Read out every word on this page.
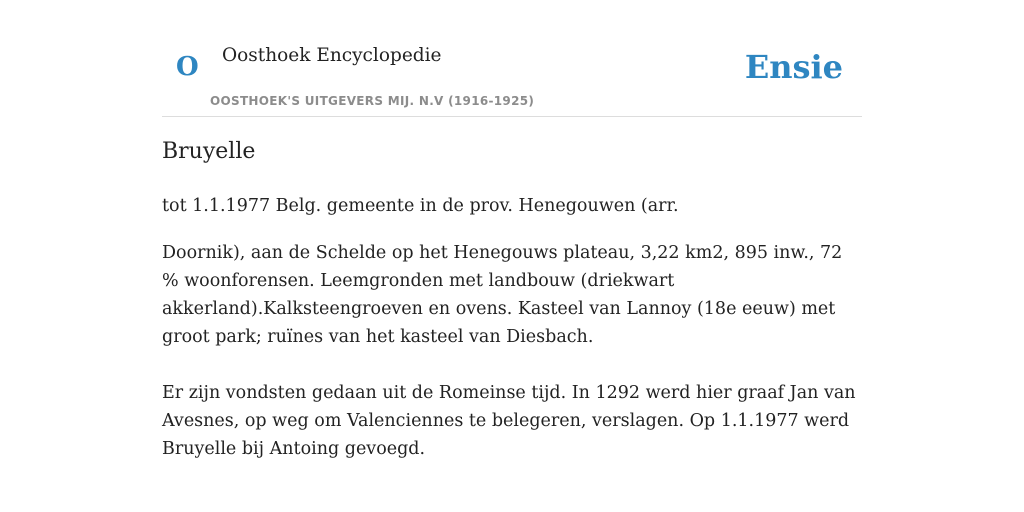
O Oosthoek Encyclopedie
OOSTHOEK'S UITGEVERS MIJ. N.V (1916-1925)
Ensie
Bruyelle

tot 1.1.1977 Belg. gemeente in de prov. Henegouwen (arr.

Doornik), aan de Schelde op het Henegouws plateau, 3,22 km2, 895 inw., 72 % woonforensen. Leemgronden met landbouw (driekwart akkerland).Kalksteengroeven en ovens. Kasteel van Lannoy (18e eeuw) met groot park; ruïnes van het kasteel van Diesbach.

Er zijn vondsten gedaan uit de Romeinse tijd. In 1292 werd hier graaf Jan van Avesnes, op weg om Valenciennes te belegeren, verslagen. Op 1.1.1977 werd Bruyelle bij Antoing gevoegd.
